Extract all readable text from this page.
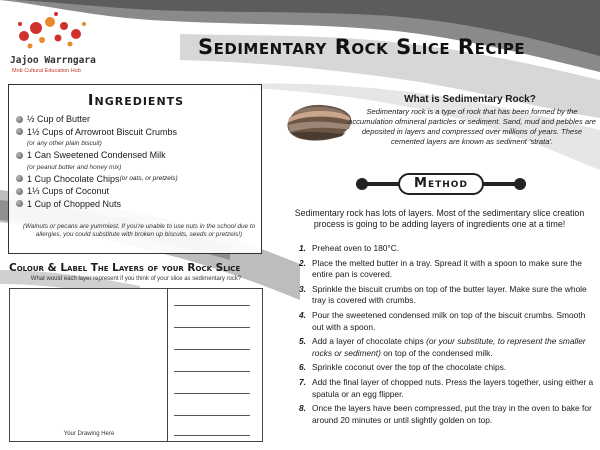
Jajoo Warrngara
Mob Cultural Education Hub
Sedimentary Rock Slice Recipe
Ingredients
½ Cup of Butter
1½ Cups of Arrowroot Biscuit Crumbs
(or any other plain biscuit)
1 Can Sweetened Condensed Milk
(or peanut butter and honey mix)
1 Cup Chocolate Chips (or oats, or pretzels)
1⅓ Cups of Coconut
1 Cup of Chopped Nuts

(Walnuts or pecans are yummiest. If you're unable to use nuts in the school due to allergies, you could substitute with broken up biscuits, seeds or pretzels!)

Colour & Label The Layers of your Rock Slice

What would each layer represent if you think of your slice as sedimentary rock?

Your Drawing Here
What is Sedimentary Rock?

Sedimentary rock is a type of rock that has been formed by the accumulation ofmineral particles or sediment. Sand, mud and pebbles are deposited in layers and compressed over millions of years. These cemented layers are known as sediment 'strata'.

Method

Sedimentary rock has lots of layers. Most of the sedimentary slice creation process is going to be adding layers of ingredients one at a time!

1. Preheat oven to 180°C.
2. Place the melted butter in a tray. Spread it with a spoon to make sure the entire pan is covered.
3. Sprinkle the biscuit crumbs on top of the butter layer. Make sure the whole tray is covered with crumbs.
4. Pour the sweetened condensed milk on top of the biscuit crumbs. Smooth out with a spoon.
5. Add a layer of chocolate chips (or your substitute, to represent the smaller rocks or sediment) on top of the condensed milk.
6. Sprinkle coconut over the top of the chocolate chips.
7. Add the final layer of chopped nuts. Press the layers together, using either a spatula or an egg flipper.
8. Once the layers have been compressed, put the tray in the oven to bake for around 20 minutes or until slightly golden on top.
